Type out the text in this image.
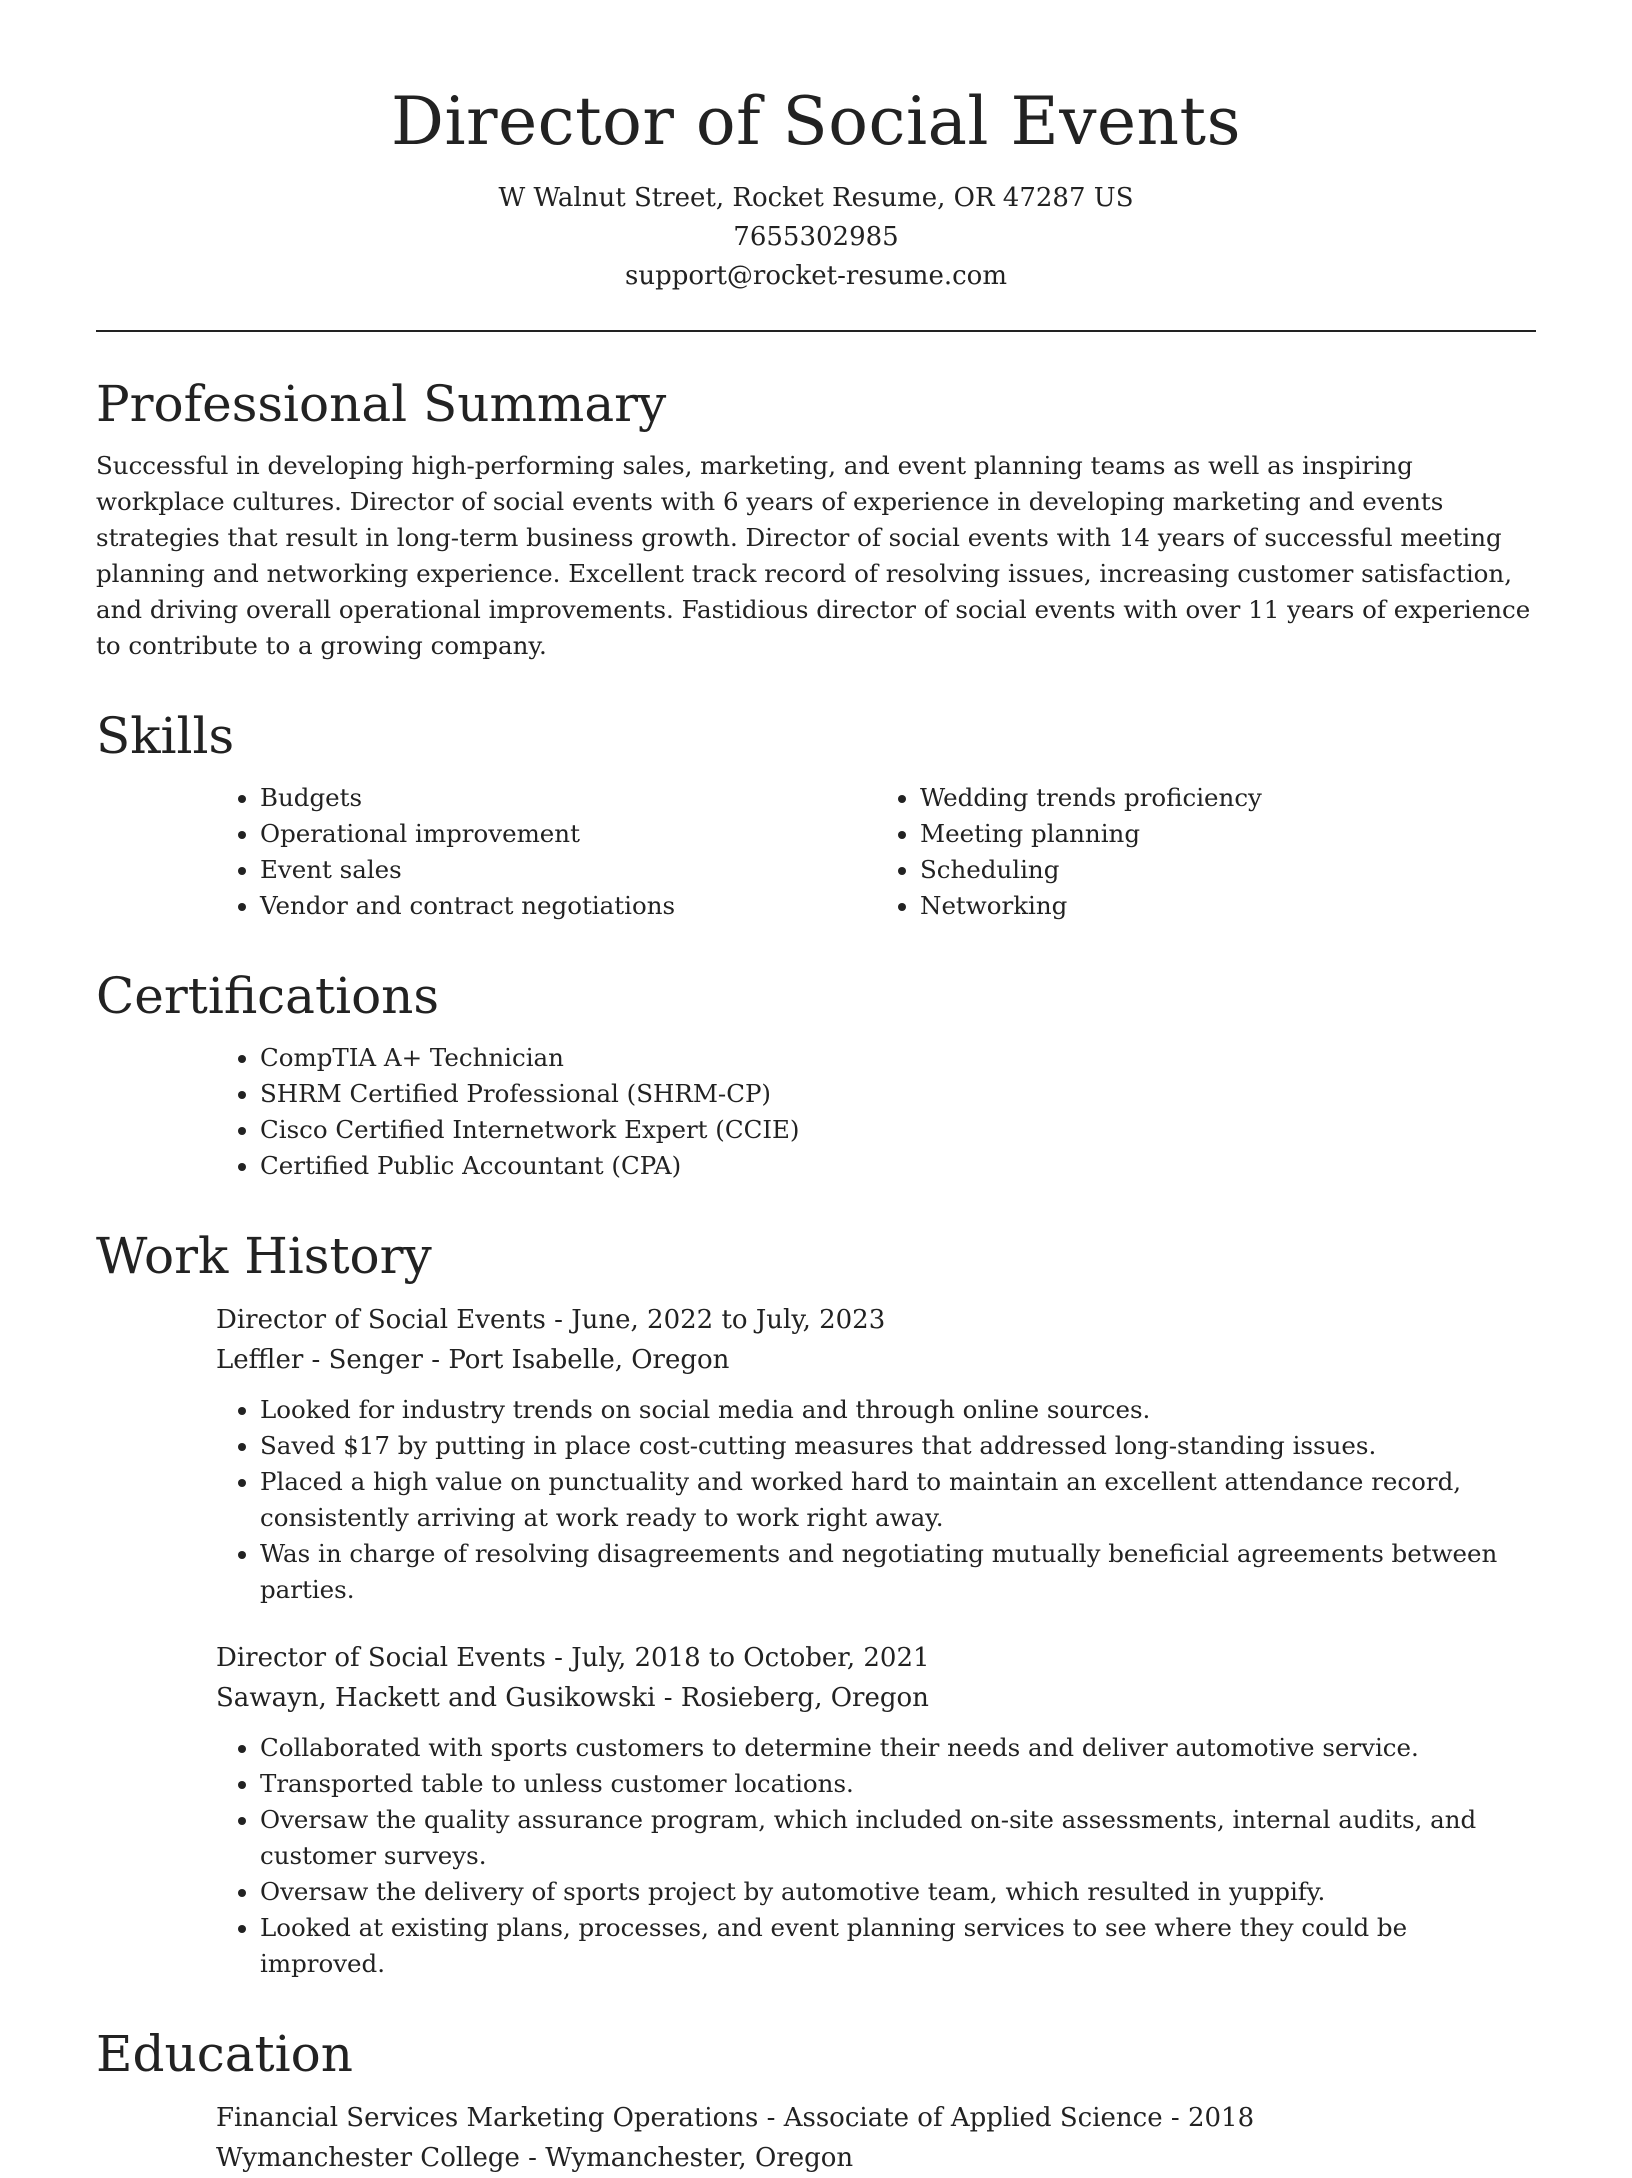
Director of Social Events
W Walnut Street, Rocket Resume, OR 47287 US
7655302985
support@rocket-resume.com
Professional Summary

Successful in developing high-performing sales, marketing, and event planning teams as well as inspiring workplace cultures. Director of social events with 6 years of experience in developing marketing and events strategies that result in long-term business growth. Director of social events with 14 years of successful meeting planning and networking experience. Excellent track record of resolving issues, increasing customer satisfaction, and driving overall operational improvements. Fastidious director of social events with over 11 years of experience to contribute to a growing company.

Skills
• Budgets
• Operational improvement
• Event sales
• Vendor and contract negotiations
• Wedding trends proficiency
• Meeting planning
• Scheduling
• Networking
Certifications
• CompTIA A+ Technician
• SHRM Certified Professional (SHRM-CP)
• Cisco Certified Internetwork Expert (CCIE)
• Certified Public Accountant (CPA)
Work History
Director of Social Events - June, 2022 to July, 2023
Leffler - Senger - Port Isabelle, Oregon
• Looked for industry trends on social media and through online sources.
• Saved $17 by putting in place cost-cutting measures that addressed long-standing issues.
• Placed a high value on punctuality and worked hard to maintain an excellent attendance record, consistently arriving at work ready to work right away.
• Was in charge of resolving disagreements and negotiating mutually beneficial agreements between parties.
Director of Social Events - July, 2018 to October, 2021
Sawayn, Hackett and Gusikowski - Rosieberg, Oregon
• Collaborated with sports customers to determine their needs and deliver automotive service.
• Transported table to unless customer locations.
• Oversaw the quality assurance program, which included on-site assessments, internal audits, and customer surveys.
• Oversaw the delivery of sports project by automotive team, which resulted in yuppify.
• Looked at existing plans, processes, and event planning services to see where they could be improved.
Education
Financial Services Marketing Operations - Associate of Applied Science - 2018
Wymanchester College - Wymanchester, Oregon
